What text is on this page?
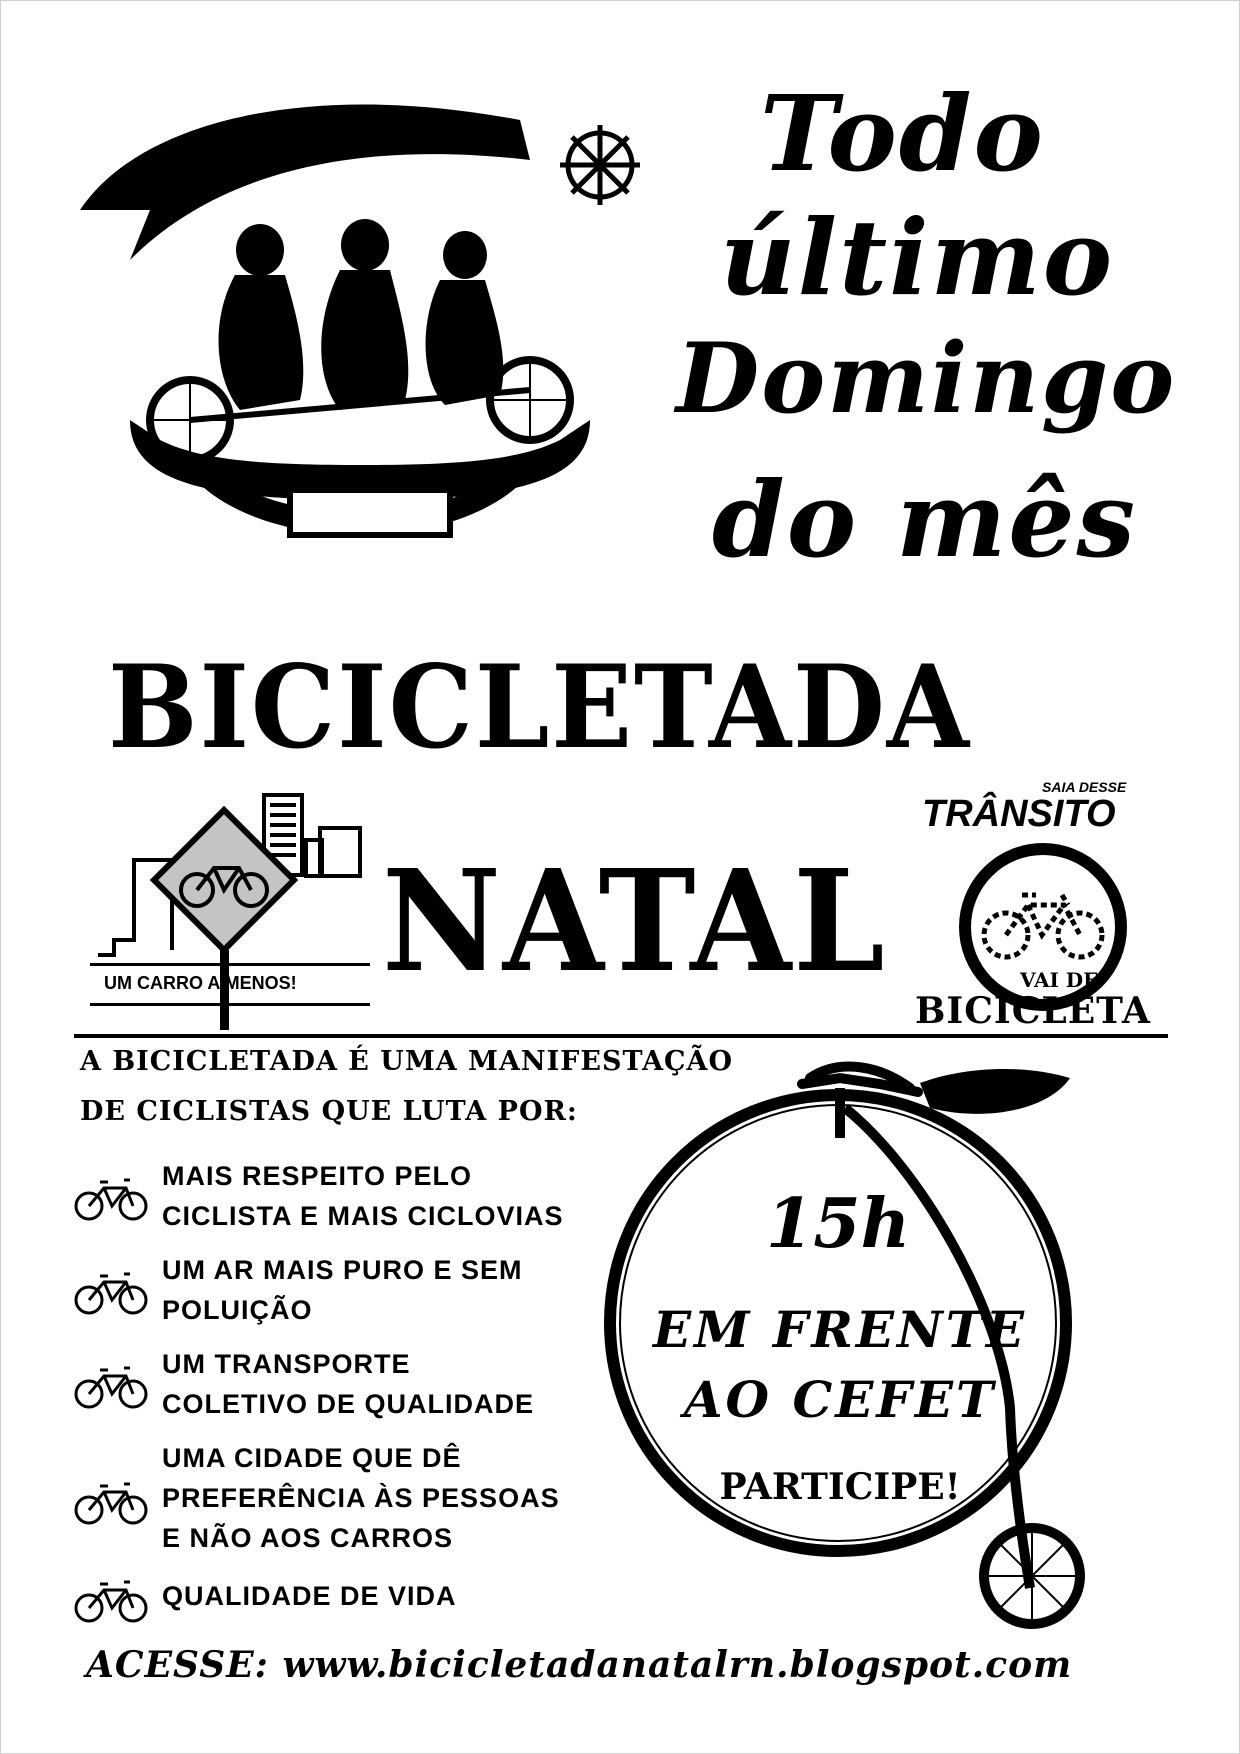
Todo
último
Domingo
do mês
BICICLETADA
NATAL
UM CARRO A MENOS!
SAIA DESSE
TRÂNSITO
VAI DE
BICICLETA
A BICICLETADA É UMA MANIFESTAÇÃO
DE CICLISTAS QUE LUTA POR:
MAIS RESPEITO PELO
CICLISTA E MAIS CICLOVIAS
UM AR MAIS PURO E SEM
POLUIÇÃO
UM TRANSPORTE
COLETIVO DE QUALIDADE
UMA CIDADE QUE DÊ
PREFERÊNCIA ÀS PESSOAS
E NÃO AOS CARROS
QUALIDADE DE VIDA
15h
EM FRENTE
AO CEFET
PARTICIPE!
ACESSE: www.bicicletadanatalrn.blogspot.com
